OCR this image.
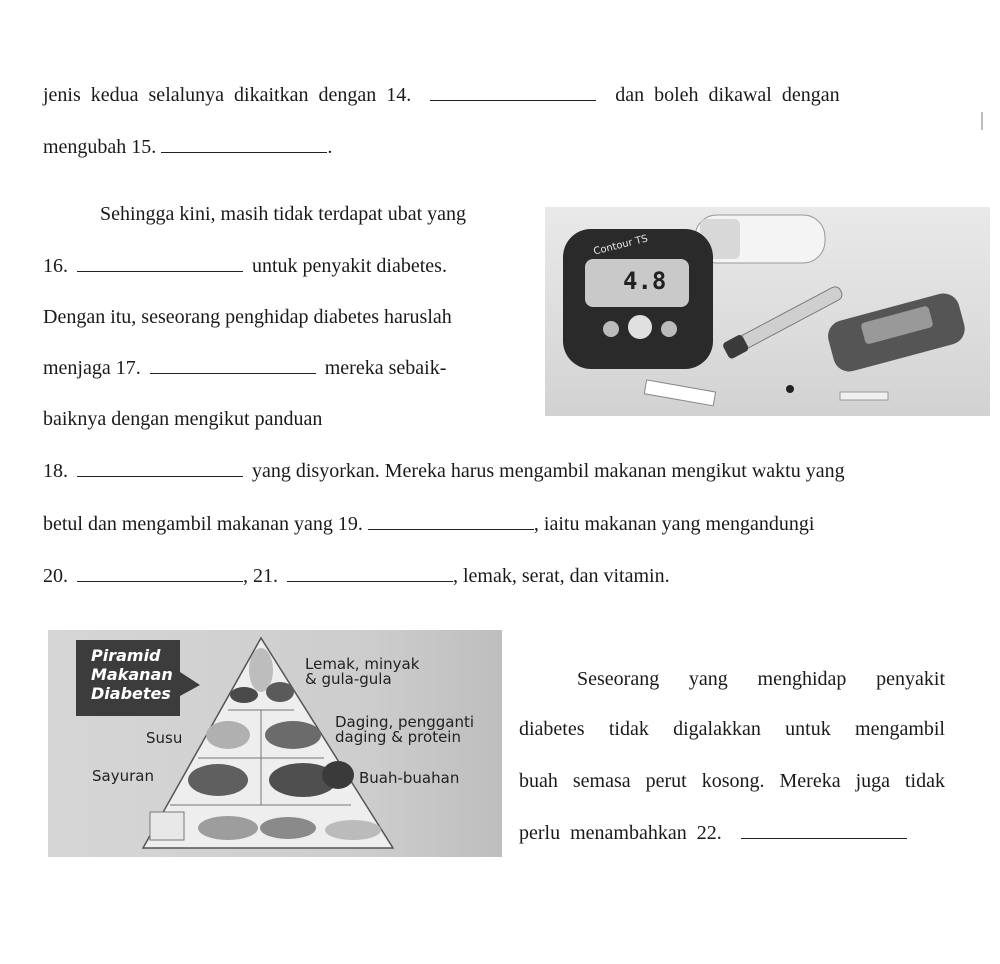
jenis  kedua  selalunya  dikaitkan  dengan  14.	dan  boleh  dikawal  dengan
mengubah 15.	.
Sehingga kini, masih tidak terdapat ubat yang
16.	untuk penyakit diabetes.
Dengan itu, seseorang penghidap diabetes haruslah
menjaga 17.	mereka sebaik-
baiknya dengan mengikut panduan
18.	yang disyorkan. Mereka harus mengambil makanan mengikut waktu yang
betul dan mengambil makanan yang 19.	, iaitu makanan yang mengandungi
20.	, 21.	, lemak, serat, dan vitamin.
Contour TS
4.8
Piramid
Makanan
Diabetes
Lemak, minyak
& gula-gula
Daging, pengganti
daging & protein
Susu
Sayuran	Buah-buahan
Seseorang  yang  menghidap  penyakit
diabetes  tidak  digalakkan  untuk  mengambil
buah semasa perut kosong. Mereka juga tidak
perlu  menambahkan  22.
